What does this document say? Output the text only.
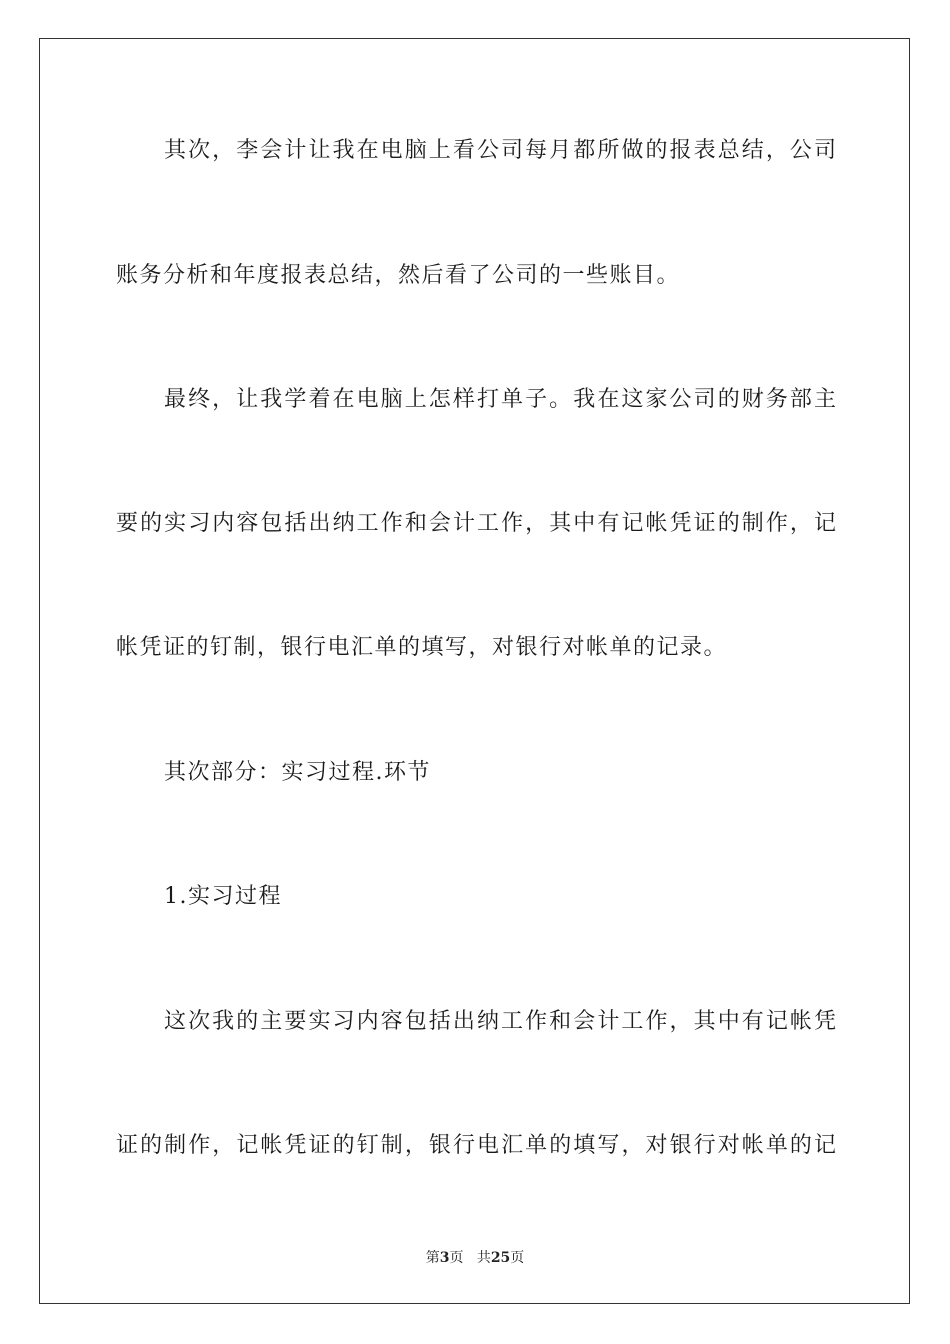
其次，李会计让我在电脑上看公司每月都所做的报表总结，公司
账务分析和年度报表总结，然后看了公司的一些账目。
最终，让我学着在电脑上怎样打单子。我在这家公司的财务部主
要的实习内容包括出纳工作和会计工作，其中有记帐凭证的制作，记
帐凭证的钉制，银行电汇单的填写，对银行对帐单的记录。
其次部分：实习过程.环节
1.实习过程
这次我的主要实习内容包括出纳工作和会计工作，其中有记帐凭
证的制作，记帐凭证的钉制，银行电汇单的填写，对银行对帐单的记
第3页 共25页
